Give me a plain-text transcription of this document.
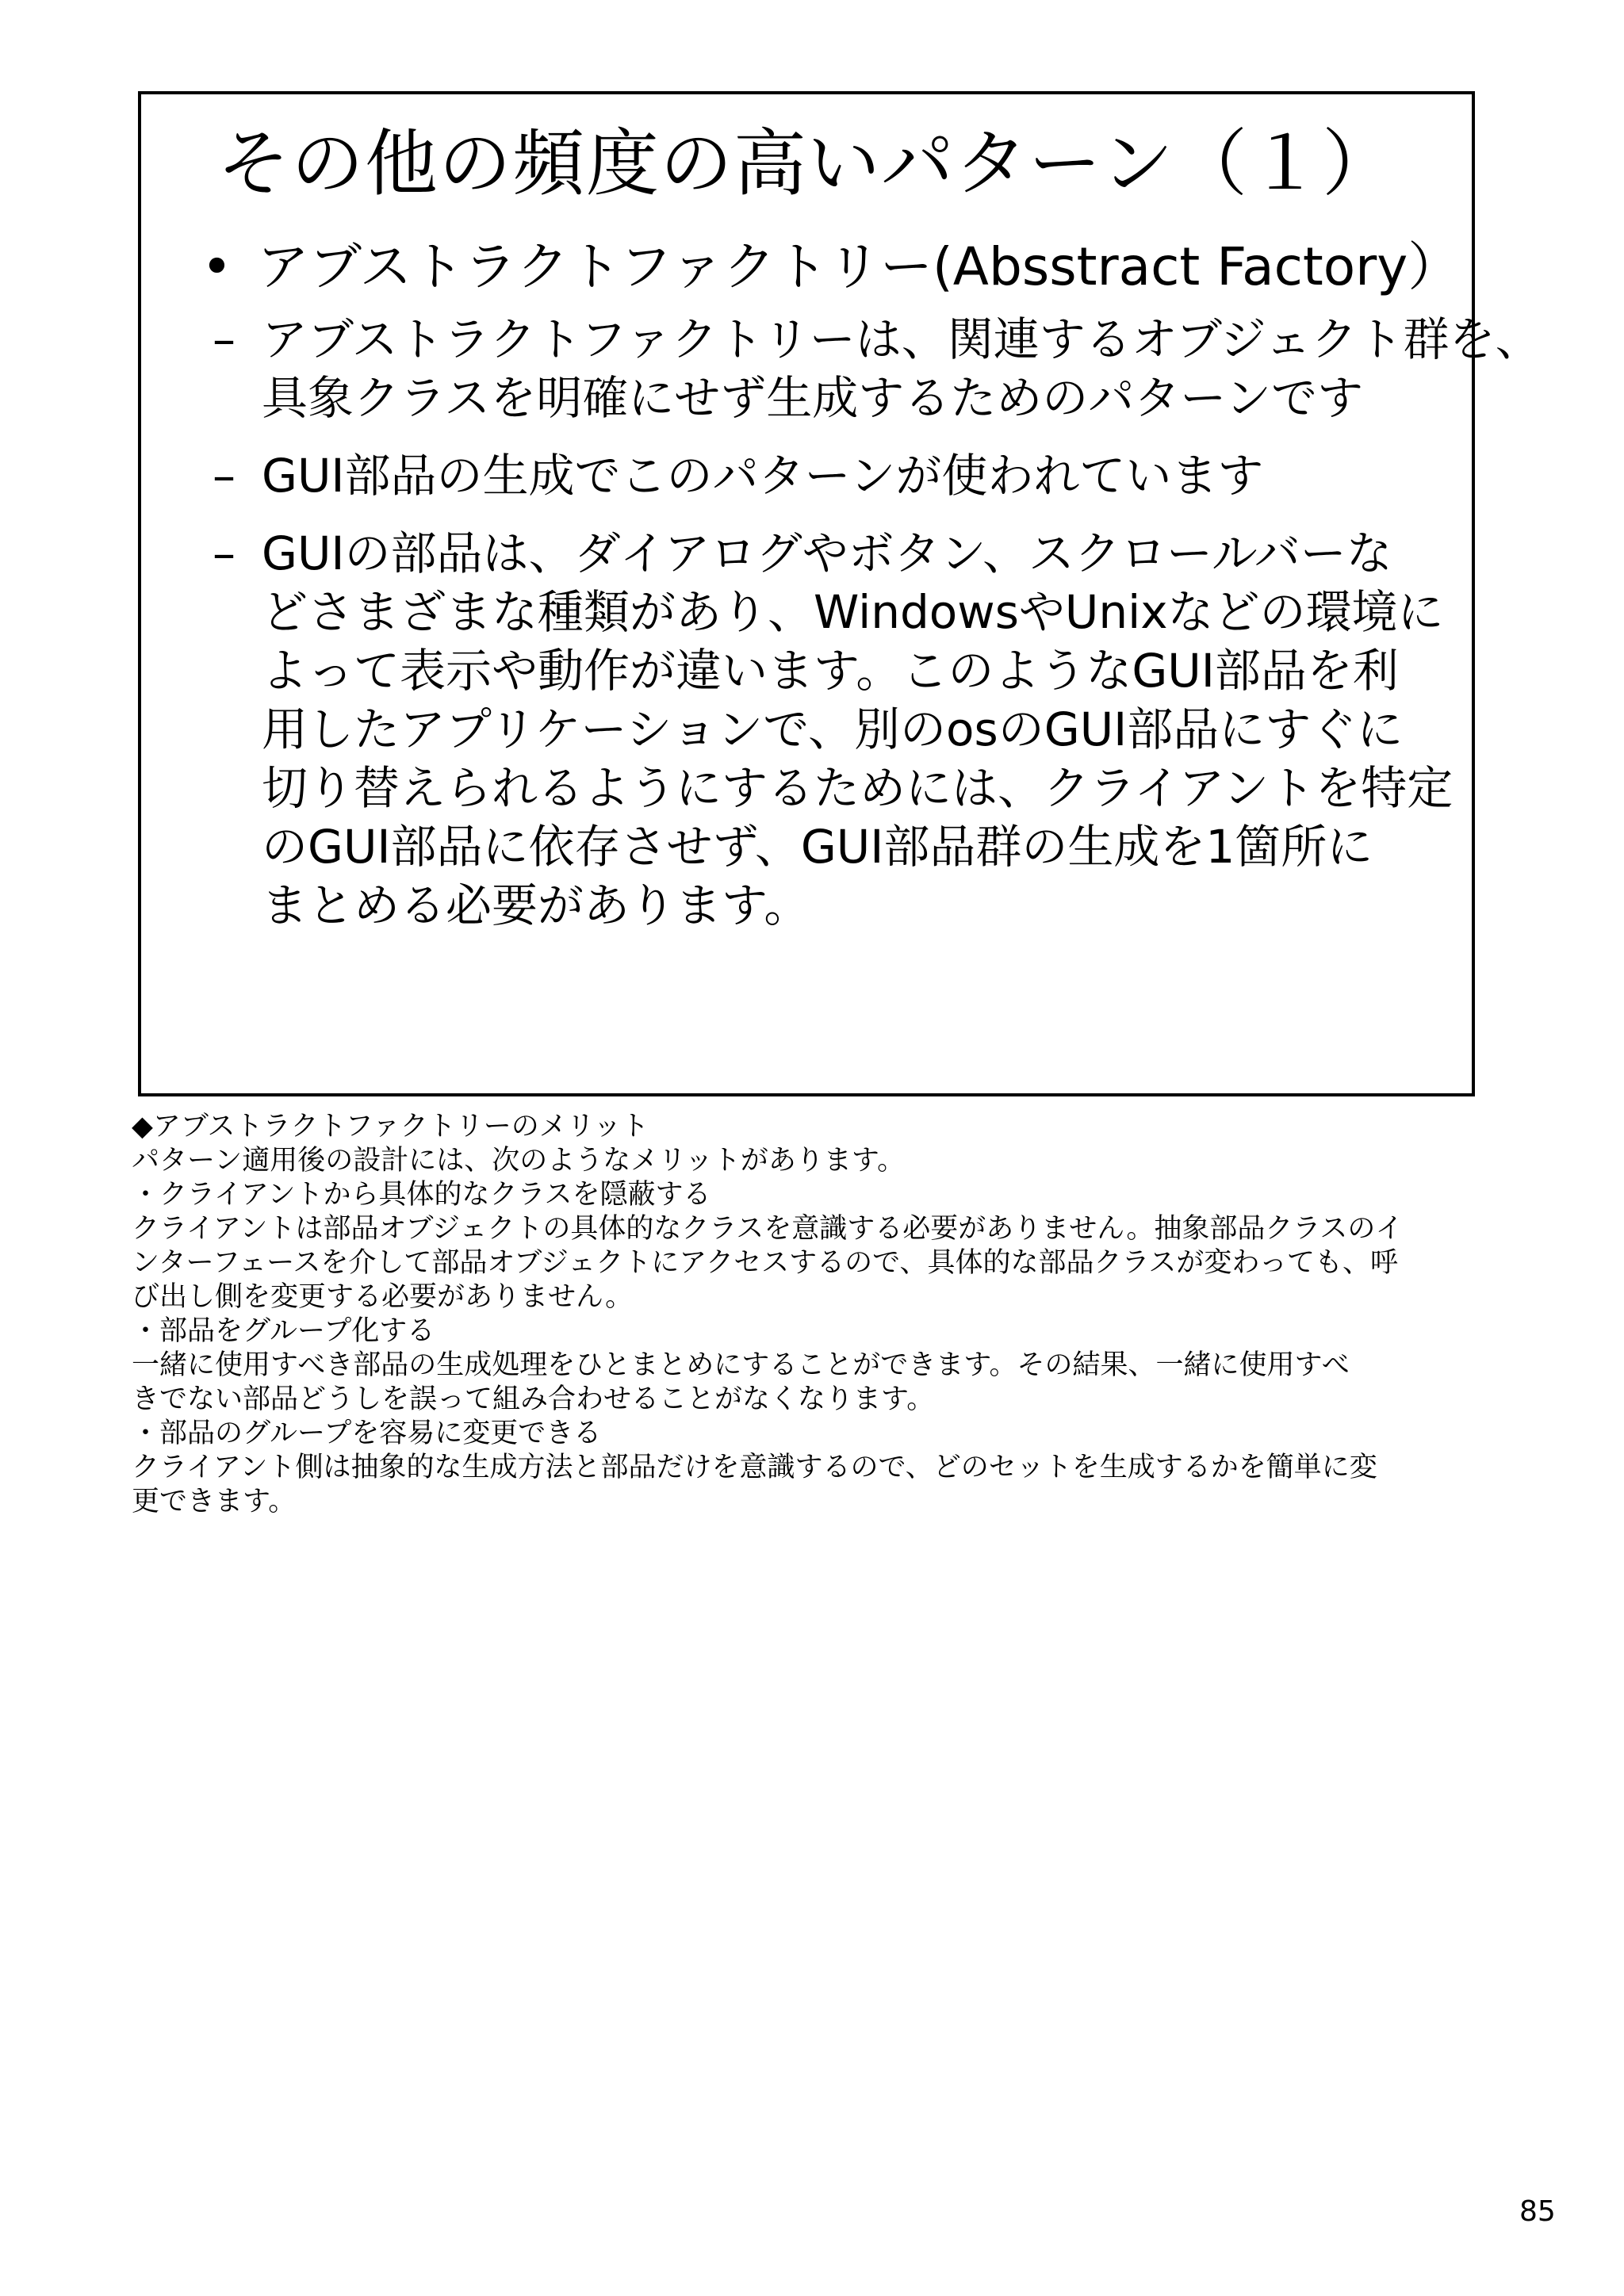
その他の頻度の高いパターン（１）
• アブストラクトファクトリー(Absstract Factory）
– アブストラクトファクトリーは、関連するオブジェクト群を、
具象クラスを明確にせず生成するためのパターンです
– GUI部品の生成でこのパターンが使われています
– GUIの部品は、ダイアログやボタン、スクロールバーな
どさまざまな種類があり、WindowsやUnixなどの環境に
よって表示や動作が違います。このようなGUI部品を利
用したアプリケーションで、別のosのGUI部品にすぐに
切り替えられるようにするためには、クライアントを特定
のGUI部品に依存させず、GUI部品群の生成を1箇所に
まとめる必要があります。
◆アブストラクトファクトリーのメリット
パターン適用後の設計には、次のようなメリットがあります。
・クライアントから具体的なクラスを隠蔽する
クライアントは部品オブジェクトの具体的なクラスを意識する必要がありません。抽象部品クラスのイ
ンターフェースを介して部品オブジェクトにアクセスするので、具体的な部品クラスが変わっても、呼
び出し側を変更する必要がありません。
・部品をグループ化する
一緒に使用すべき部品の生成処理をひとまとめにすることができます。その結果、一緒に使用すべ
きでない部品どうしを誤って組み合わせることがなくなります。
・部品のグループを容易に変更できる
クライアント側は抽象的な生成方法と部品だけを意識するので、どのセットを生成するかを簡単に変
更できます。
85
